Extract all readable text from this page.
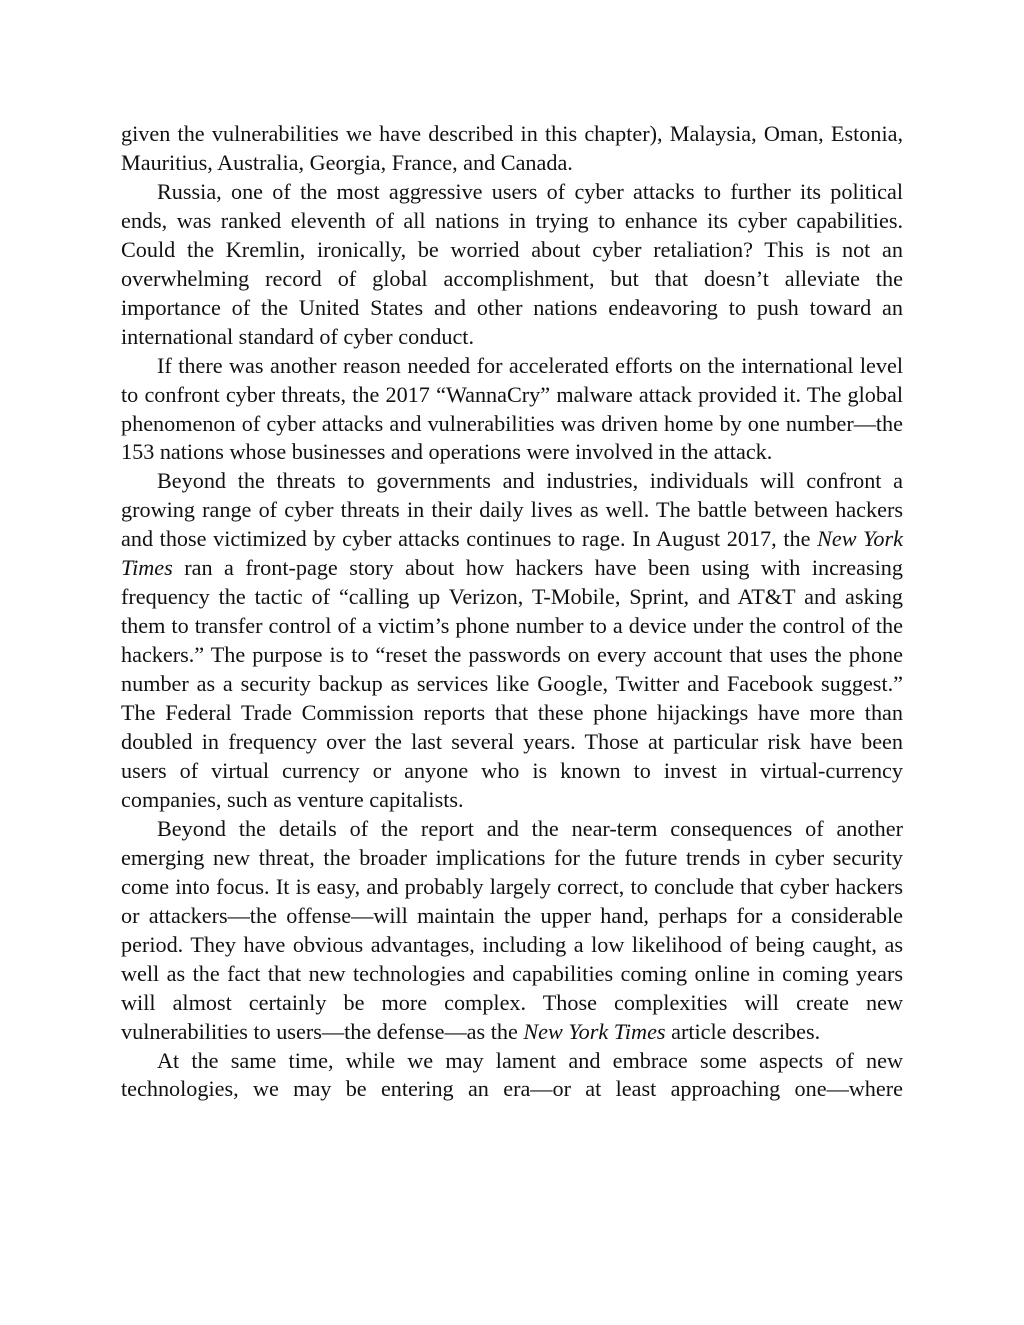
given the vulnerabilities we have described in this chapter), Malaysia, Oman, Estonia, Mauritius, Australia, Georgia, France, and Canada.

Russia, one of the most aggressive users of cyber attacks to further its political ends, was ranked eleventh of all nations in trying to enhance its cyber capabilities. Could the Kremlin, ironically, be worried about cyber retaliation? This is not an overwhelming record of global accomplishment, but that doesn’t alleviate the importance of the United States and other nations endeavoring to push toward an international standard of cyber conduct.

If there was another reason needed for accelerated efforts on the international level to confront cyber threats, the 2017 “WannaCry” malware attack provided it. The global phenomenon of cyber attacks and vulnerabilities was driven home by one number—the 153 nations whose businesses and operations were involved in the attack.

Beyond the threats to governments and industries, individuals will confront a growing range of cyber threats in their daily lives as well. The battle between hackers and those victimized by cyber attacks continues to rage. In August 2017, the New York Times ran a front-page story about how hackers have been using with increasing frequency the tactic of “calling up Verizon, T-Mobile, Sprint, and AT&T and asking them to transfer control of a victim’s phone number to a device under the control of the hackers.” The purpose is to “reset the passwords on every account that uses the phone number as a security backup as services like Google, Twitter and Facebook suggest.” The Federal Trade Commission reports that these phone hijackings have more than doubled in frequency over the last several years. Those at particular risk have been users of virtual currency or anyone who is known to invest in virtual-currency companies, such as venture capitalists.

Beyond the details of the report and the near-term consequences of another emerging new threat, the broader implications for the future trends in cyber security come into focus. It is easy, and probably largely correct, to conclude that cyber hackers or attackers—the offense—will maintain the upper hand, perhaps for a considerable period. They have obvious advantages, including a low likelihood of being caught, as well as the fact that new technologies and capabilities coming online in coming years will almost certainly be more complex. Those complexities will create new vulnerabilities to users—the defense—as the New York Times article describes.

At the same time, while we may lament and embrace some aspects of new technologies, we may be entering an era—or at least approaching one—where
